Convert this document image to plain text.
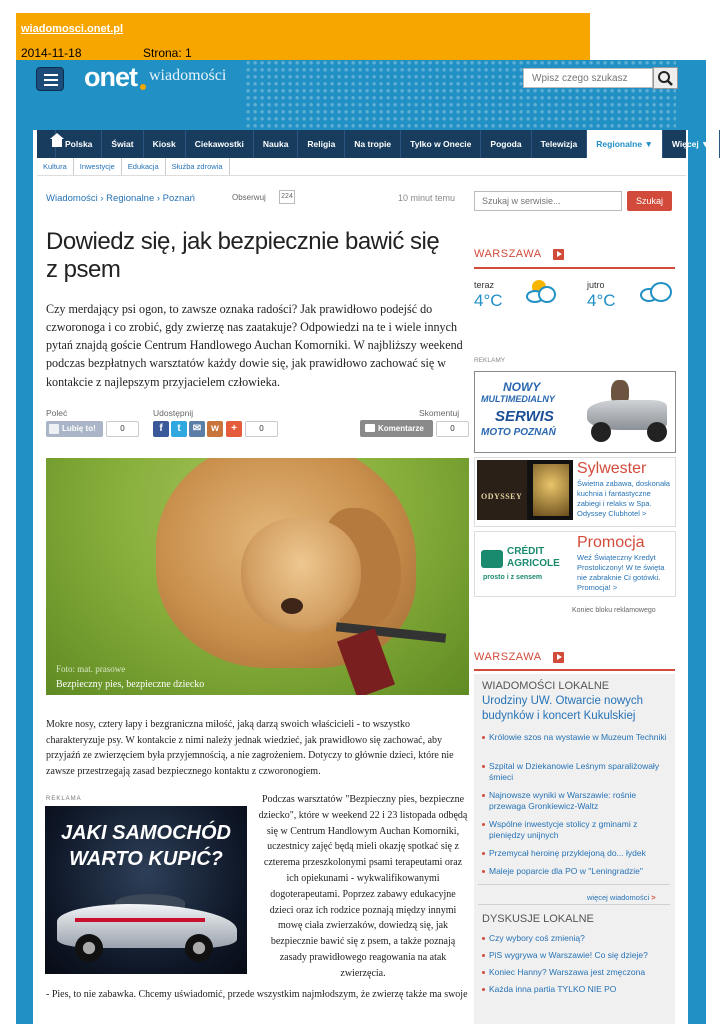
wiadomosci.onet.pl
2014-11-18	Strona: 1
onet wiadomości
Wpisz czego szukasz
Polska	Świat	Kiosk	Ciekawostki	Nauka	Religia	Na tropie	Tylko w Onecie	Pogoda	Telewizja	Regionalne ▼	Więcej ▼
Kultura	Inwestycje	Edukacja	Służba zdrowia
Wiadomości › Regionalne › Poznań	Obserwuj	224	10 minut temu
Szukaj w serwisie...	Szukaj
Dowiedz się, jak bezpiecznie bawić się z psem

Czy merdający psi ogon, to zawsze oznaka radości? Jak prawidłowo podejść do czworonoga i co zrobić, gdy zwierzę nas zaatakuje? Odpowiedzi na te i wiele innych pytań znajdą goście Centrum Handlowego Auchan Komorniki. W najbliższy weekend podczas bezpłatnych warsztatów każdy dowie się, jak prawidłowo zachować się w kontakcie z najlepszym przyjacielem człowieka.

Poleć	Udostępnij	Skomentuj
Lubię to!	0	f	t	✉ w	+	0	Komentarze	0
Foto: mat. prasowe
Bezpieczny pies, bezpieczne dziecko

Mokre nosy, cztery łapy i bezgraniczna miłość, jaką darzą swoich właścicieli - to wszystko charakteryzuje psy. W kontakcie z nimi należy jednak wiedzieć, jak prawidłowo się zachować, aby przyjaźń ze zwierzęciem była przyjemnością, a nie zagrożeniem. Dotyczy to głównie dzieci, które nie zawsze przestrzegają zasad bezpiecznego kontaktu z czworonogiem.

REKLAMA
JAKI SAMOCHÓD
WARTO KUPIĆ?

Podczas warsztatów "Bezpieczny pies, bezpieczne dziecko", które w weekend 22 i 23 listopada odbędą się w Centrum Handlowym Auchan Komorniki, uczestnicy zajęć będą mieli okazję spotkać się z czterema przeszkolonymi psami terapeutami oraz ich opiekunami - wykwalifikowanymi dogoterapeutami. Poprzez zabawy edukacyjne dzieci oraz ich rodzice poznają między innymi mowę ciała zwierzaków, dowiedzą się, jak bezpiecznie bawić się z psem, a także poznają zasady prawidłowego reagowania na atak zwierzęcia.

- Pies, to nie zabawka. Chcemy uświadomić, przede wszystkim najmłodszym, że zwierzę także ma swoje

WARSZAWA
teraz
4°C
jutro
4°C
REKLAMY
NOWY
MULTIMEDIALNY
SERWIS
MOTO POZNAŃ
ODYSSEY
Sylwester
Świetna zabawa, doskonała kuchnia i fantastyczne zabiegi i relaks w Spa. Odyssey Clubhotel >
CRÉDIT
AGRICOLE
prosto i z sensem
Promocja
Weź Świąteczny Kredyt Prostoliczony! W te święta nie zabraknie Ci gotówki. Promocja! >
Koniec bloku reklamowego
WARSZAWA
WIADOMOŚCI LOKALNE
Urodziny UW. Otwarcie nowych budynków i koncert Kukulskiej
Królowie szos na wystawie w Muzeum Techniki
Szpital w Dziekanowie Leśnym sparaliżowały śmieci
Najnowsze wyniki w Warszawie: rośnie przewaga Gronkiewicz-Waltz
Wspólne inwestycje stolicy z gminami z pieniędzy unijnych
Przemycał heroinę przyklejoną do... łydek
Maleje poparcie dla PO w "Leningradzie"
więcej wiadomości >
DYSKUSJE LOKALNE
Czy wybory coś zmienią?
PiS wygrywa w Warszawie! Co się dzieje?
Koniec Hanny? Warszawa jest zmęczona
Każda inna partia TYLKO NIE PO
